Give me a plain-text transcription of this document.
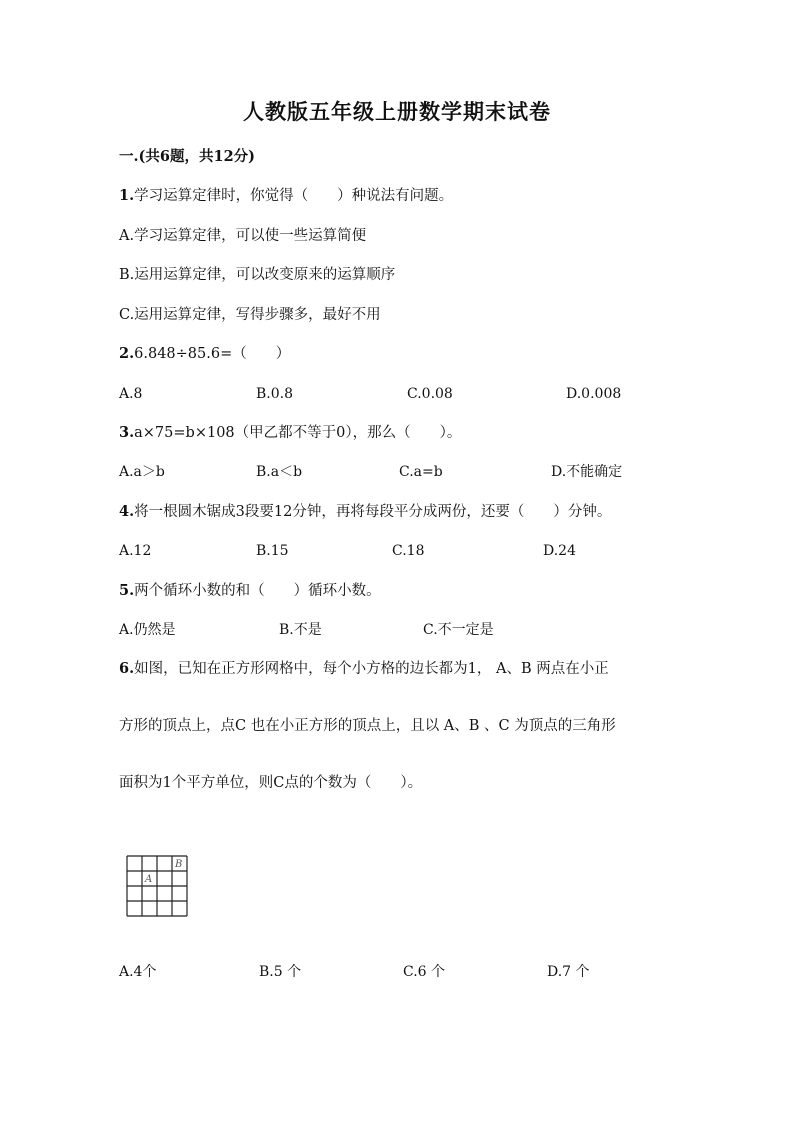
人教版五年级上册数学期末试卷
一.(共6题，共12分)
1.学习运算定律时，你觉得（　　）种说法有问题。
A.学习运算定律，可以使一些运算简便
B.运用运算定律，可以改变原来的运算顺序
C.运用运算定律，写得步骤多，最好不用
2.6.848÷85.6=（　　）
A.8	B.0.8	C.0.08	D.0.008
3.a×75=b×108（甲乙都不等于0），那么（　　）。
A.a＞b	B.a＜b	C.a=b	D.不能确定
4.将一根圆木锯成3段要12分钟，再将每段平分成两份，还要（　　）分钟。
A.12	B.15	C.18	D.24
5.两个循环小数的和（　　）循环小数。
A.仍然是	B.不是	C.不一定是
6.如图，已知在正方形网格中，每个小方格的边长都为1， A、B 两点在小正
方形的顶点上，点C 也在小正方形的顶点上，且以 A、B 、C 为顶点的三角形
面积为1个平方单位，则C点的个数为（　　）。
A
B
A.4个	B.5 个	C.6 个	D.7 个
